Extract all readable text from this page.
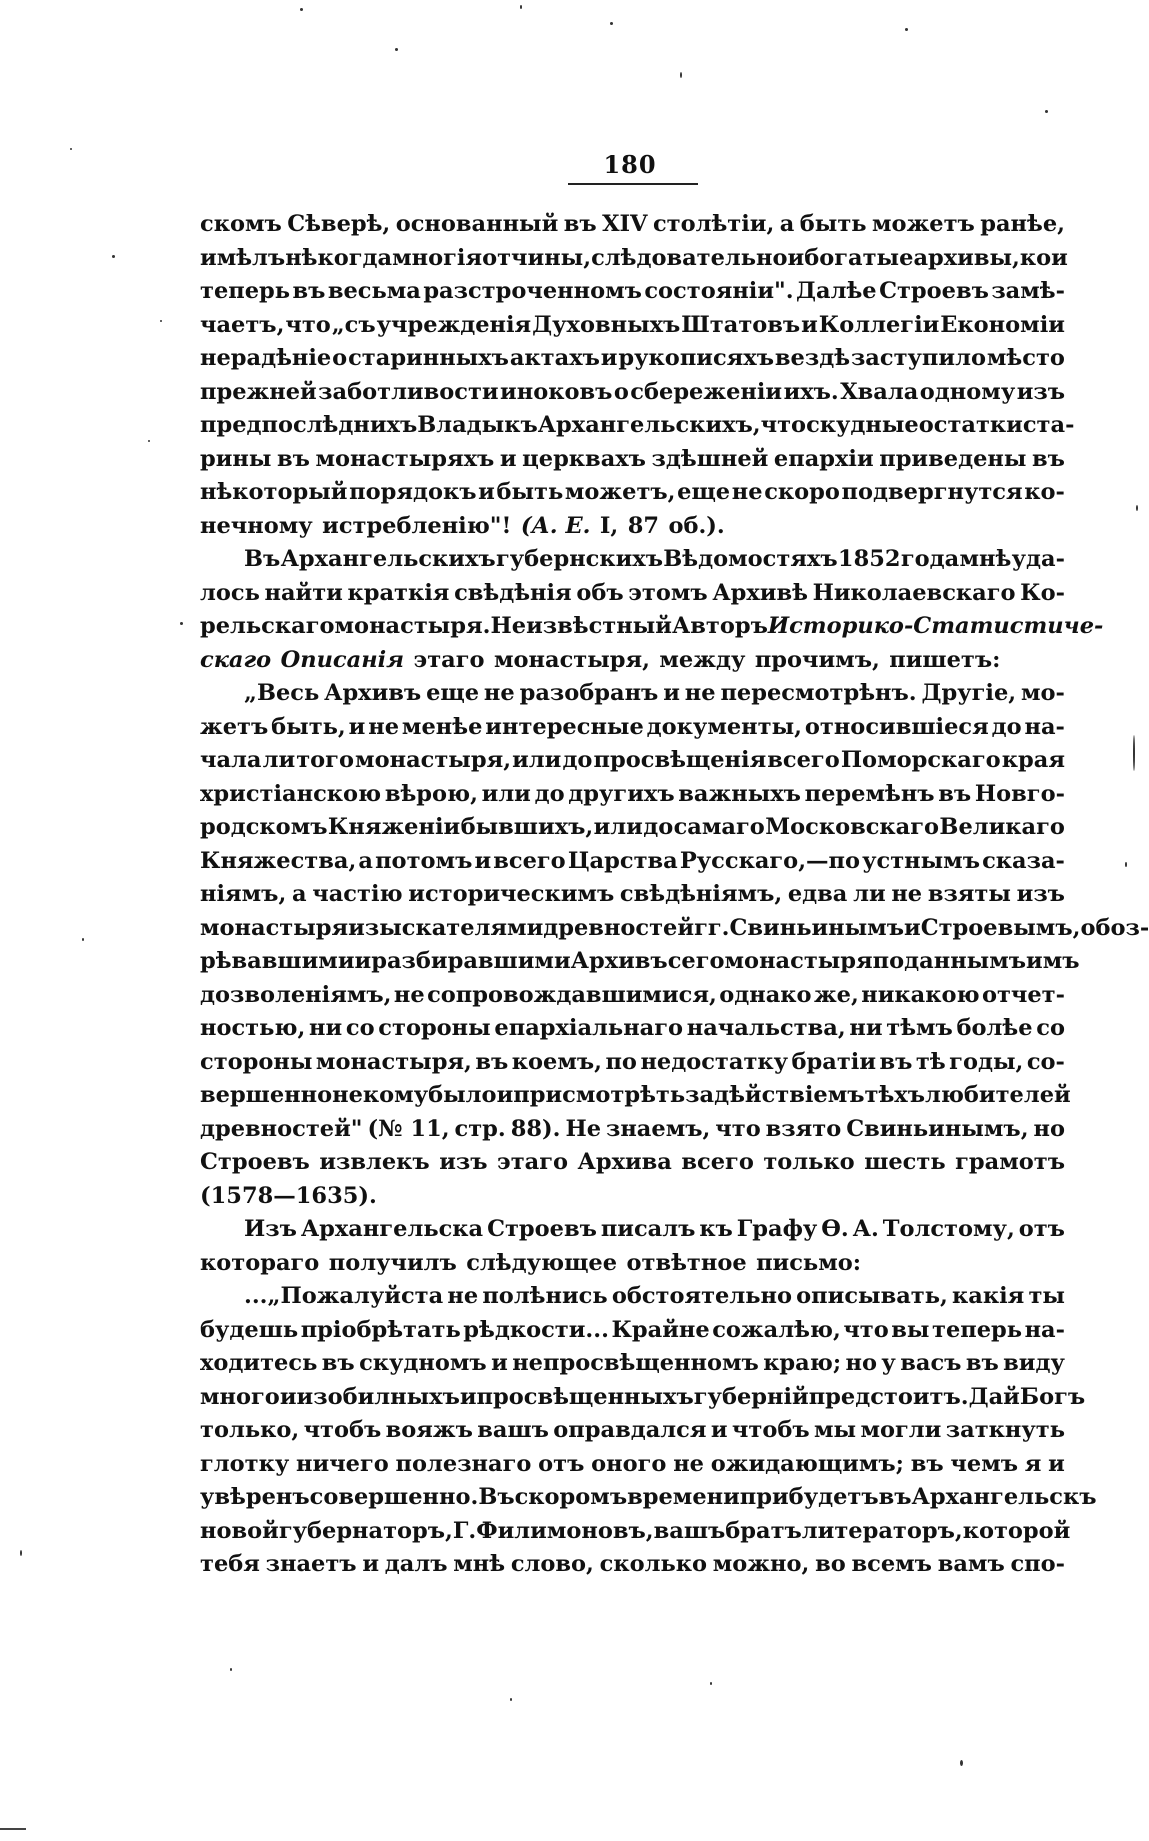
180
скомъ Сѣверѣ, основанный въ XIV столѣтіи, а быть можетъ ранѣе,
имѣлъ нѣкогда многія отчины, слѣдовательно и богатые архивы, кои
теперь въ весьма разстроченномъ состояніи". Далѣе Строевъ замѣ-
чаетъ, что „съ учрежденія Духовныхъ Штатовъ и Коллегіи Економіи
нерадѣніе о старинныхъ актахъ и рукописяхъ вездѣ заступило мѣсто
прежней заботливости иноковъ о сбереженіи ихъ. Хвала одному изъ
предпослѣднихъ Владыкъ Архангельскихъ, что скудные остатки ста-
рины въ монастыряхъ и церквахъ здѣшней епархіи приведены въ
нѣкоторый порядокъ и быть можетъ, еще не скоро подвергнутся ко-
нечному истребленію"! (А. Е. I, 87 об.).
Въ Архангельскихъ губернскихъ Вѣдомостяхъ 1852 года мнѣ уда-
лось найти краткія свѣдѣнія объ этомъ Архивѣ Николаевскаго Ко-
рельскаго монастыря. Неизвѣстный Авторъ Историко-Статистиче-
скаго Описанія этаго монастыря, между прочимъ, пишетъ:
„Весь Архивъ еще не разобранъ и не пересмотрѣнъ. Другіе, мо-
жетъ быть, и не менѣе интересные документы, относившіеся до на-
чала ли того монастыря, или до просвѣщенія всего Поморскаго края
христіанскою вѣрою, или до другихъ важныхъ перемѣнъ въ Новго-
родскомъ Княженіи бывшихъ, или до самаго Московскаго Великаго
Княжества, а потомъ и всего Царства Русскаго,—по устнымъ сказа-
ніямъ, а частію историческимъ свѣдѣніямъ, едва ли не взяты изъ
монастыря изыскателями древностей гг. Свиньинымъ и Строевымъ, обоз-
рѣвавшими и разбиравшими Архивъ сего монастыря по даннымъ имъ
дозволеніямъ, не сопровождавшимися, однако же, никакою отчет-
ностью, ни со стороны епархіальнаго начальства, ни тѣмъ болѣе со
стороны монастыря, въ коемъ, по недостатку братіи въ тѣ годы, со-
вершенно некому было и присмотрѣть за дѣйствіемъ тѣхъ любителей
древностей" (№ 11, стр. 88). Не знаемъ, что взято Свиньинымъ, но
Строевъ извлекъ изъ этаго Архива всего только шесть грамотъ
(1578—1635).
Изъ Архангельска Строевъ писалъ къ Графу Ѳ. А. Толстому, отъ
котораго получилъ слѣдующее отвѣтное письмо:
...„Пожалуйста не полѣнись обстоятельно описывать, какія ты
будешь пріобрѣтать рѣдкости... Крайне сожалѣю, что вы теперь на-
ходитесь въ скудномъ и непросвѣщенномъ краю; но у васъ въ виду
много и изобилныхъ и просвѣщенныхъ губерній предстоитъ. Дай Богъ
только, чтобъ вояжъ вашъ оправдался и чтобъ мы могли заткнуть
глотку ничего полезнаго отъ оного не ожидающимъ; въ чемъ я и
увѣренъ совершенно. Въ скоромъ времени прибудетъ въ Архангельскъ
новой губернаторъ, Г. Филимоновъ, вашъ братъ литераторъ, которой
тебя знаетъ и далъ мнѣ слово, сколько можно, во всемъ вамъ спо-
